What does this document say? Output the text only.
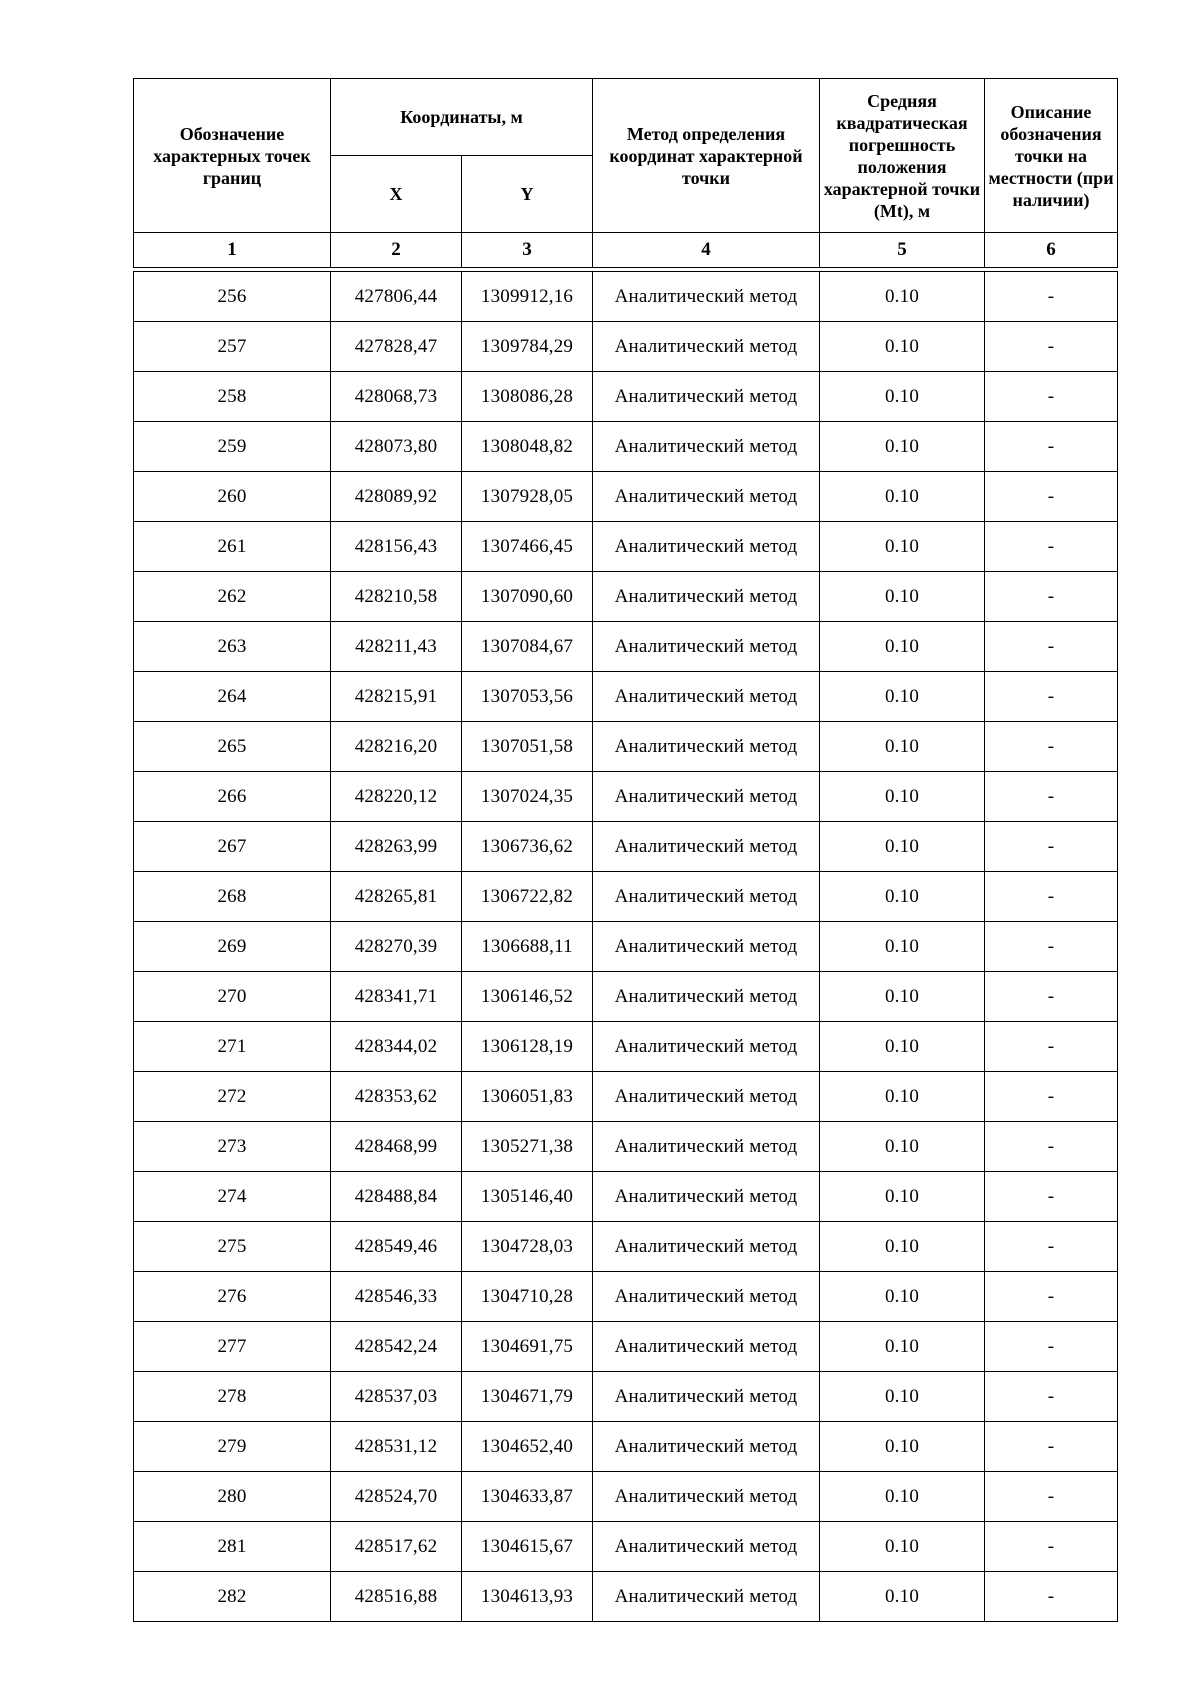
Обозначение характерных точек границ	Координаты, м		Метод определения координат характерной точки	Средняя квадратическая погрешность положения характерной точки (Mt), м	Описание обозначения точки на местности (при наличии)
	X	Y			
1	2	3	4	5	6

256	427806,44	1309912,16	Аналитический метод	0.10	-
257	427828,47	1309784,29	Аналитический метод	0.10	-
258	428068,73	1308086,28	Аналитический метод	0.10	-
259	428073,80	1308048,82	Аналитический метод	0.10	-
260	428089,92	1307928,05	Аналитический метод	0.10	-
261	428156,43	1307466,45	Аналитический метод	0.10	-
262	428210,58	1307090,60	Аналитический метод	0.10	-
263	428211,43	1307084,67	Аналитический метод	0.10	-
264	428215,91	1307053,56	Аналитический метод	0.10	-
265	428216,20	1307051,58	Аналитический метод	0.10	-
266	428220,12	1307024,35	Аналитический метод	0.10	-
267	428263,99	1306736,62	Аналитический метод	0.10	-
268	428265,81	1306722,82	Аналитический метод	0.10	-
269	428270,39	1306688,11	Аналитический метод	0.10	-
270	428341,71	1306146,52	Аналитический метод	0.10	-
271	428344,02	1306128,19	Аналитический метод	0.10	-
272	428353,62	1306051,83	Аналитический метод	0.10	-
273	428468,99	1305271,38	Аналитический метод	0.10	-
274	428488,84	1305146,40	Аналитический метод	0.10	-
275	428549,46	1304728,03	Аналитический метод	0.10	-
276	428546,33	1304710,28	Аналитический метод	0.10	-
277	428542,24	1304691,75	Аналитический метод	0.10	-
278	428537,03	1304671,79	Аналитический метод	0.10	-
279	428531,12	1304652,40	Аналитический метод	0.10	-
280	428524,70	1304633,87	Аналитический метод	0.10	-
281	428517,62	1304615,67	Аналитический метод	0.10	-
282	428516,88	1304613,93	Аналитический метод	0.10	-
